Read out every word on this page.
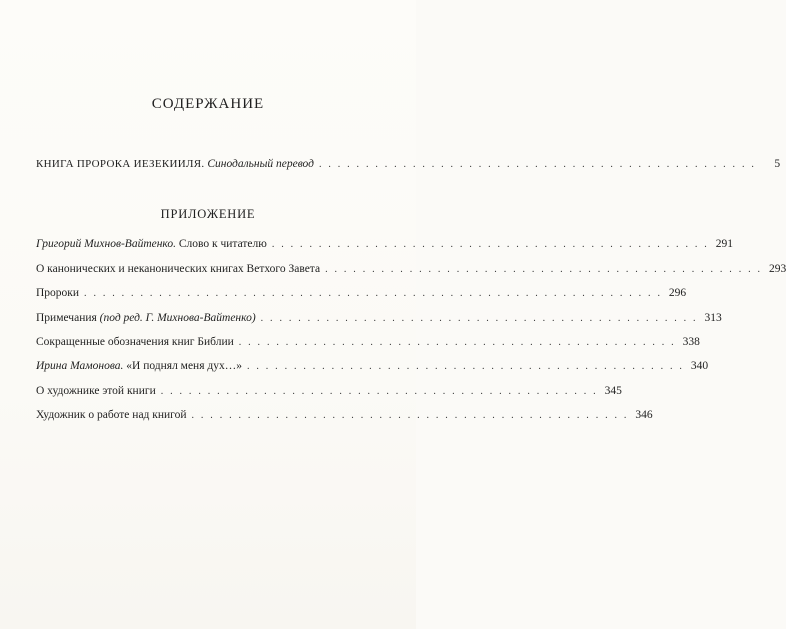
СОДЕРЖАНИЕ
КНИГА ПРОРОКА ИЕЗЕКИИЛЯ. Синодальный перевод . . . . . . . . . . . . . . . . . . . . . . . . . . . . . . . . . . . . . . . . . . . . . . .	5
ПРИЛОЖЕНИЕ
Григорий Михнов-Вайтенко. Слово к читателю . . . . . . . . . . . . . . . . . . . . . . . . . . . . . . . . . . . . . . . . . . . . . . . 291
О канонических и неканонических книгах Ветхого Завета . . . . . . . . . . . . . . . . . . . . . . . . . . . . . . . . . . . . . . . . . . . . . . . 293
Пророки . . . . . . . . . . . . . . . . . . . . . . . . . . . . . . . . . . . . . . . . . . . . . . . . . . . . . . . . . . . . . . 296
Примечания (под ред. Г. Михнова-Вайтенко) . . . . . . . . . . . . . . . . . . . . . . . . . . . . . . . . . . . . . . . . . . . . . . . 313
Сокращенные обозначения книг Библии . . . . . . . . . . . . . . . . . . . . . . . . . . . . . . . . . . . . . . . . . . . . . . . 338
Ирина Мамонова. «И поднял меня дух…» . . . . . . . . . . . . . . . . . . . . . . . . . . . . . . . . . . . . . . . . . . . . . . . 340
О художнике этой книги . . . . . . . . . . . . . . . . . . . . . . . . . . . . . . . . . . . . . . . . . . . . . . . 345
Художник о работе над книгой . . . . . . . . . . . . . . . . . . . . . . . . . . . . . . . . . . . . . . . . . . . . . . . 346
